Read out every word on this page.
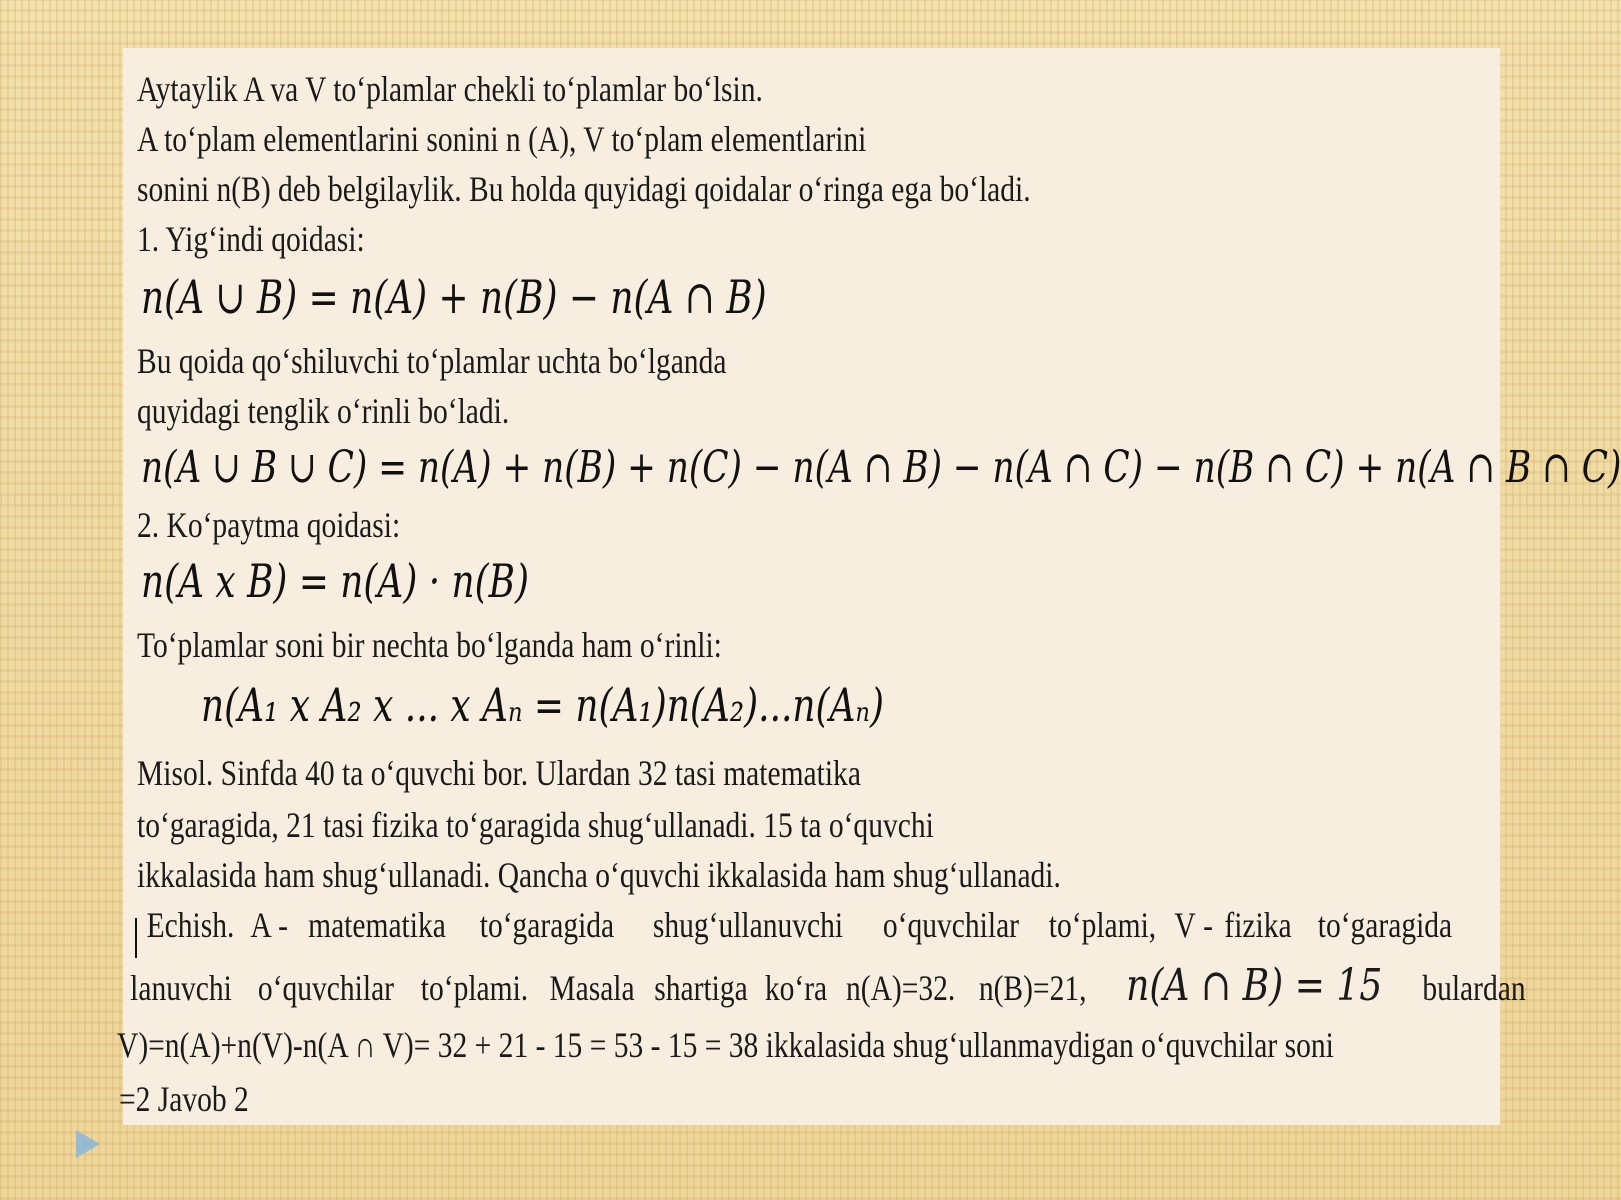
Aytaylik A va V to‘plamlar chekli to‘plamlar bo‘lsin.
A to‘plam elementlarini sonini n (A), V to‘plam elementlarini
sonini n(B) deb belgilaylik. Bu holda quyidagi qoidalar o‘ringa ega bo‘ladi.
1. Yig‘indi qoidasi:
n(A ∪ B) = n(A) + n(B) − n(A ∩ B)
Bu qoida qo‘shiluvchi to‘plamlar uchta bo‘lganda
quyidagi tenglik o‘rinli bo‘ladi.
n(A ∪ B ∪ C) = n(A) + n(B) + n(C) − n(A ∩ B) − n(A ∩ C) − n(B ∩ C) + n(A ∩ B ∩ C)
2. Ko‘paytma qoidasi:
n(A x B) = n(A) · n(B)
To‘plamlar soni bir nechta bo‘lganda ham o‘rinli:
n(A₁ x A₂ x ... x Aₙ = n(A₁)n(A₂)...n(Aₙ)
Misol. Sinfda 40 ta o‘quvchi bor. Ulardan 32 tasi matematika
to‘garagida, 21 tasi fizika to‘garagida shug‘ullanadi. 15 ta o‘quvchi
ikkalasida ham shug‘ullanadi. Qancha o‘quvchi ikkalasida ham shug‘ullanadi.
Echish. A - matematika to‘garagida shug‘ullanuvchi o‘quvchilar to‘plami, V - fizika to‘garagida
lanuvchi o‘quvchilar to‘plami. Masala shartiga ko‘ra n(A)=32. n(B)=21, n(A ∩ B) = 15 bulardan
V)=n(A)+n(V)-n(A ∩ V)= 32 + 21 - 15 = 53 - 15 = 38 ikkalasida shug‘ullanmaydigan o‘quvchilar soni
=2 Javob 2
